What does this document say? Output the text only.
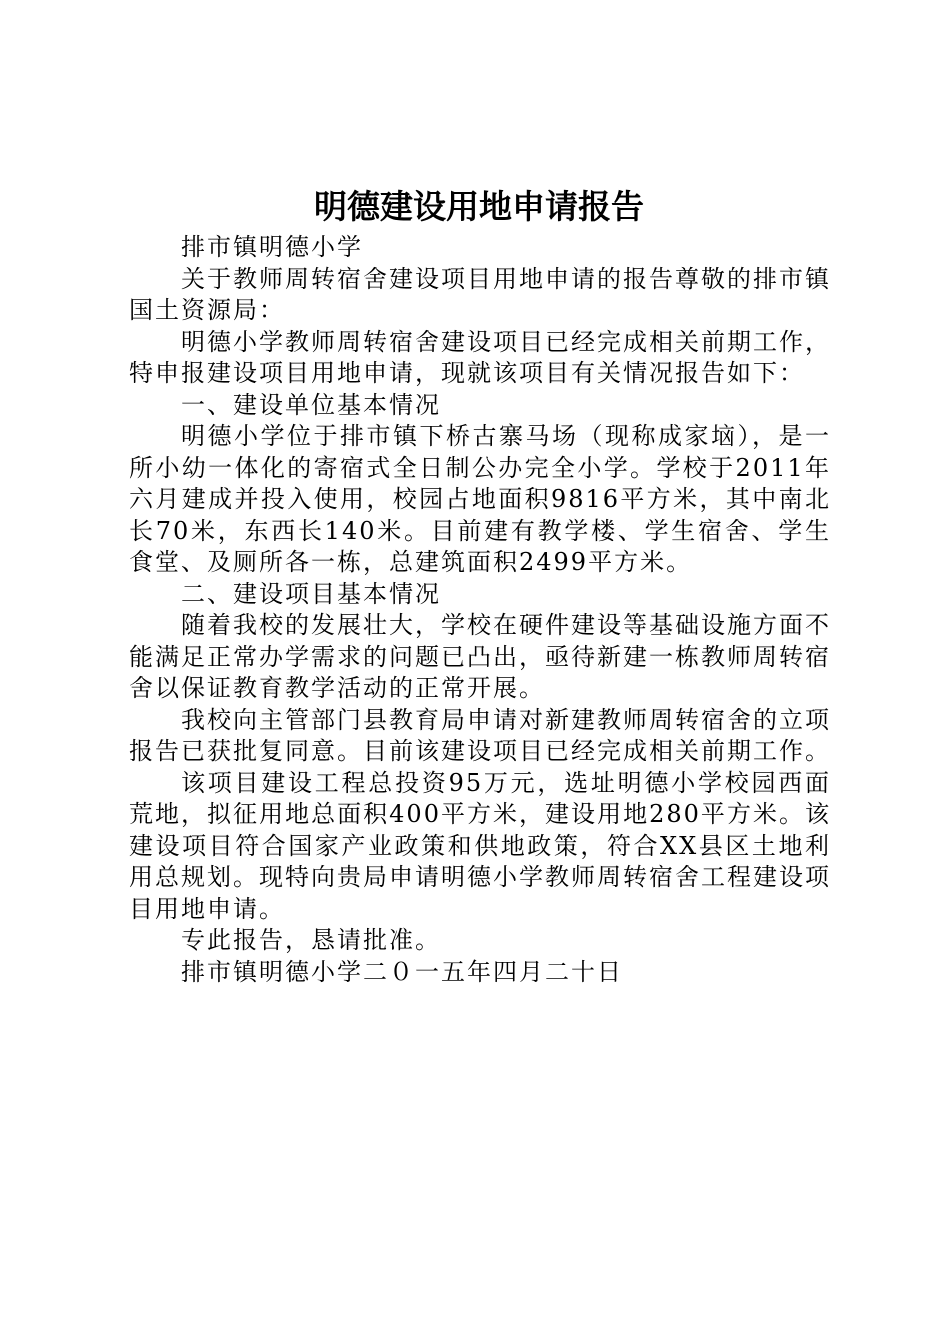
明德建设用地申请报告

排市镇明德小学

关于教师周转宿舍建设项目用地申请的报告尊敬的排市镇国土资源局：

明德小学教师周转宿舍建设项目已经完成相关前期工作，特申报建设项目用地申请，现就该项目有关情况报告如下：

一、建设单位基本情况

明德小学位于排市镇下桥古寨马场（现称成家垴），是一所小幼一体化的寄宿式全日制公办完全小学。学校于2011年六月建成并投入使用，校园占地面积9816平方米，其中南北长70米，东西长140米。目前建有教学楼、学生宿舍、学生食堂、及厕所各一栋，总建筑面积2499平方米。

二、建设项目基本情况

随着我校的发展壮大，学校在硬件建设等基础设施方面不能满足正常办学需求的问题已凸出，亟待新建一栋教师周转宿舍以保证教育教学活动的正常开展。

我校向主管部门县教育局申请对新建教师周转宿舍的立项报告已获批复同意。目前该建设项目已经完成相关前期工作。

该项目建设工程总投资95万元，选址明德小学校园西面荒地，拟征用地总面积400平方米，建设用地280平方米。该建设项目符合国家产业政策和供地政策，符合XX县区土地利用总规划。现特向贵局申请明德小学教师周转宿舍工程建设项目用地申请。

专此报告，恳请批准。

排市镇明德小学二０一五年四月二十日
